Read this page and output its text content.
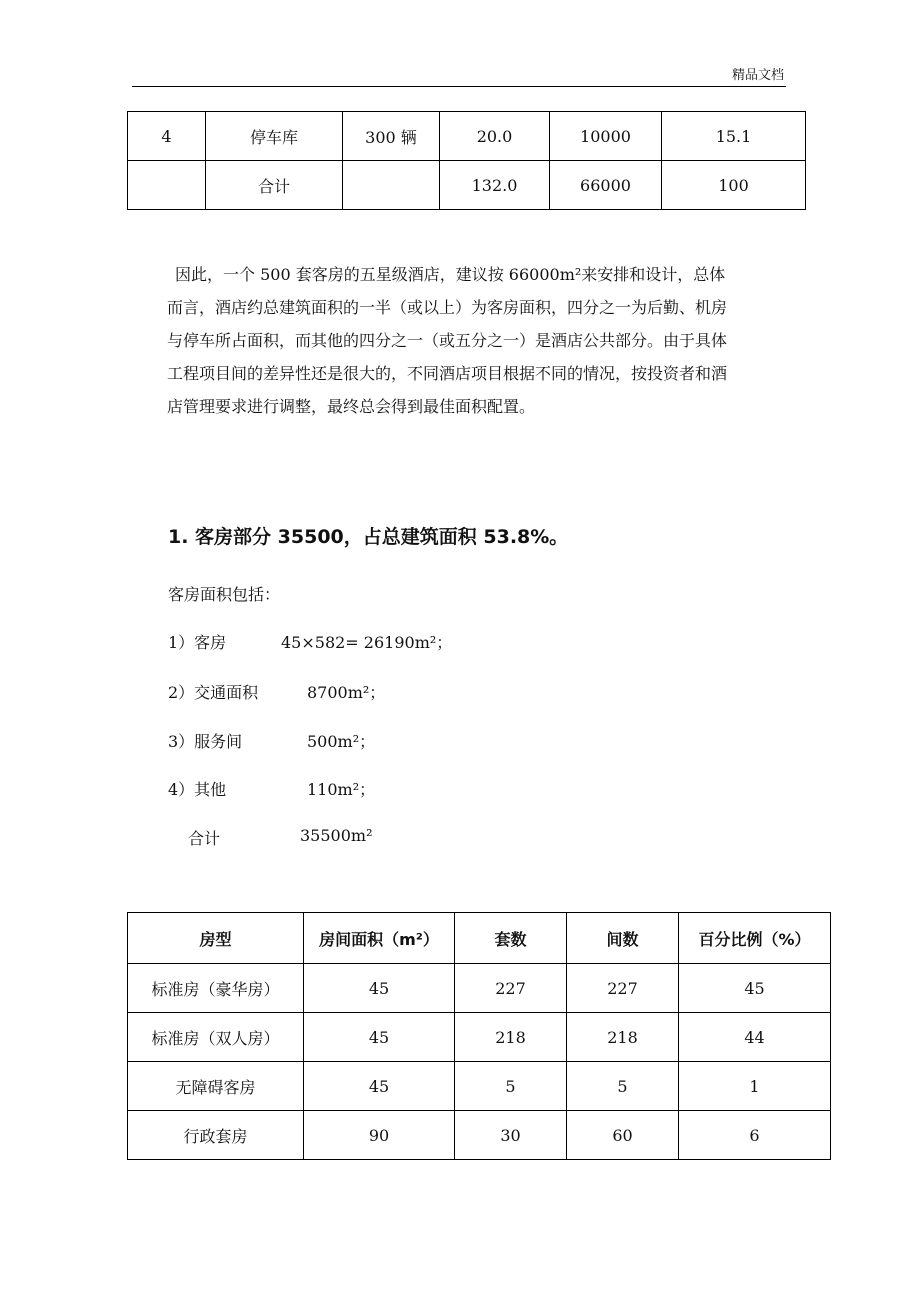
精品文档
4	停车库	300 辆	20.0	10000	15.1
	合计		132.0	66000	100
因此，一个 500 套客房的五星级酒店，建议按 66000m²来安排和设计，总体
而言，酒店约总建筑面积的一半（或以上）为客房面积，四分之一为后勤、机房
与停车所占面积，而其他的四分之一（或五分之一）是酒店公共部分。由于具体
工程项目间的差异性还是很大的，不同酒店项目根据不同的情况，按投资者和酒
店管理要求进行调整，最终总会得到最佳面积配置。
1. 客房部分 35500，占总建筑面积 53.8%。
客房面积包括：
1）客房	45×582= 26190m²；
2）交通面积	8700m²；
3）服务间	500m²；
4）其他	110m²；
合计	35500m²
房型	房间面积（m²）	套数	间数	百分比例（%）
标准房（豪华房）	45	227	227	45
标准房（双人房）	45	218	218	44
无障碍客房	45	5	5	1
行政套房	90	30	60	6
